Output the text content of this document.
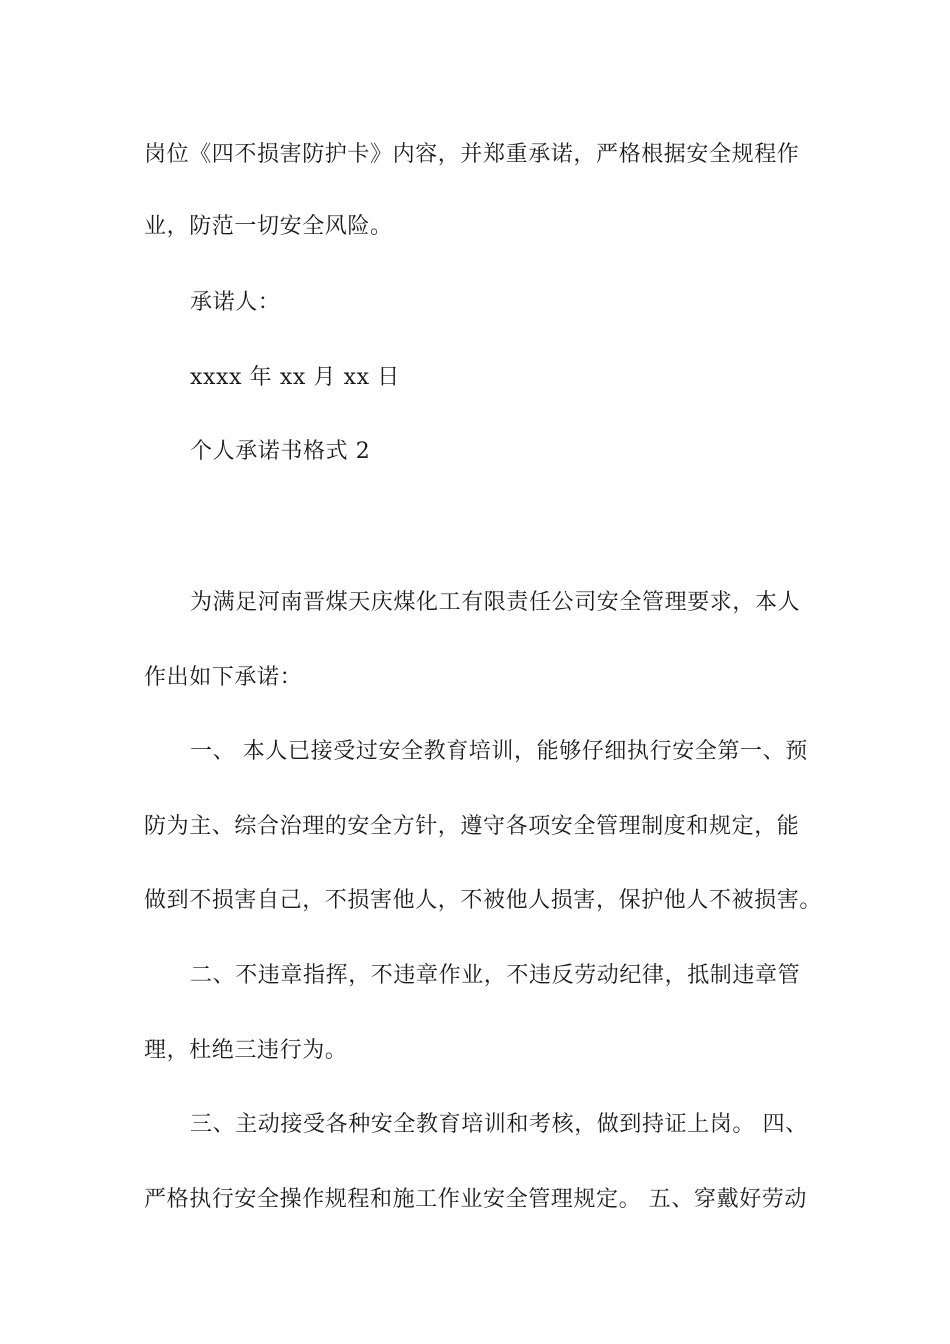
岗位《四不损害防护卡》内容，并郑重承诺，严格根据安全规程作
业，防范一切安全风险。
承诺人：
xxxx 年 xx 月 xx 日
个人承诺书格式 2
为满足河南晋煤天庆煤化工有限责任公司安全管理要求，本人
作出如下承诺：
一、 本人已接受过安全教育培训，能够仔细执行安全第一、预
防为主、综合治理的安全方针，遵守各项安全管理制度和规定，能
做到不损害自己，不损害他人，不被他人损害，保护他人不被损害。
二、不违章指挥，不违章作业，不违反劳动纪律，抵制违章管
理，杜绝三违行为。
三、主动接受各种安全教育培训和考核，做到持证上岗。 四、
严格执行安全操作规程和施工作业安全管理规定。 五、穿戴好劳动
